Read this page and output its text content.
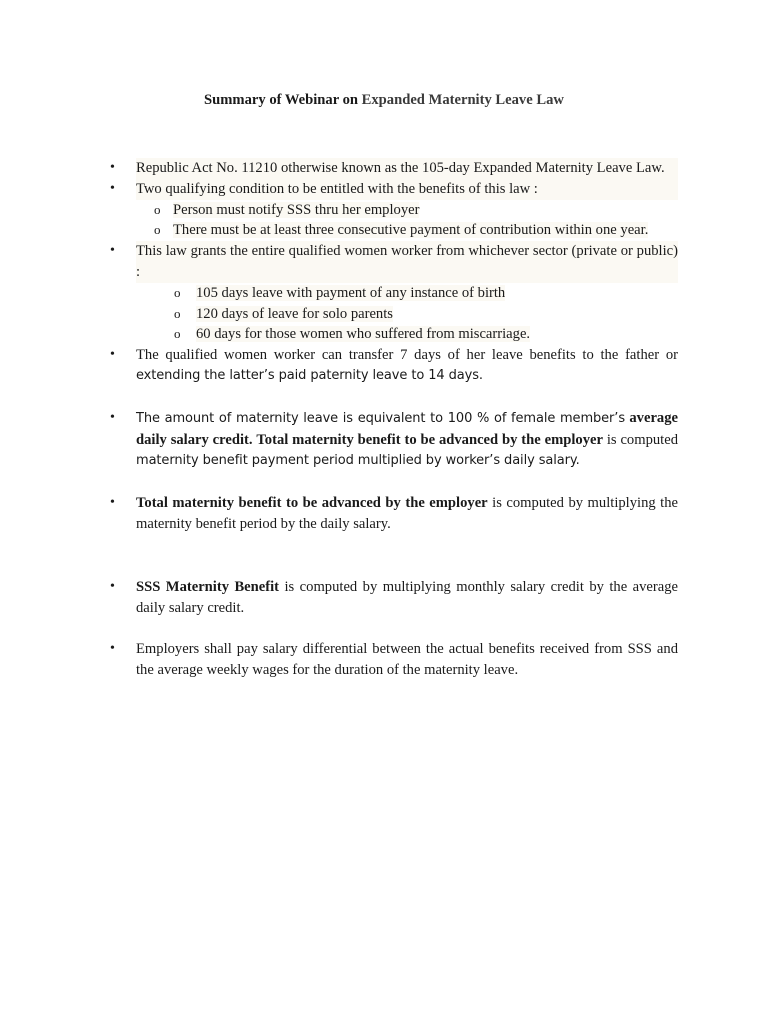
Summary of Webinar on Expanded Maternity Leave Law
• Republic Act No. 11210 otherwise known as the 105-day Expanded Maternity Leave Law.
• Two qualifying condition to be entitled with the benefits of this law :
o Person must notify SSS thru her employer
o There must be at least three consecutive payment of contribution within one year.
• This law grants the entire qualified women worker from whichever sector (private or public) :
o 105 days leave with payment of any instance of birth
o 120 days of leave for solo parents
o 60 days for those women who suffered from miscarriage.
• The qualified women worker can transfer 7 days of her leave benefits to the father or
extending the latter’s paid paternity leave to 14 days.
• The amount of maternity leave is equivalent to 100 % of female member’s average daily salary credit. Total maternity benefit to be advanced by the employer is computed maternity benefit payment period multiplied by worker’s daily salary.
• Total maternity benefit to be advanced by the employer is computed by multiplying the maternity benefit period by the daily salary.
• SSS Maternity Benefit is computed by multiplying monthly salary credit by the average daily salary credit.
• Employers shall pay salary differential between the actual benefits received from SSS and the average weekly wages for the duration of the maternity leave.
